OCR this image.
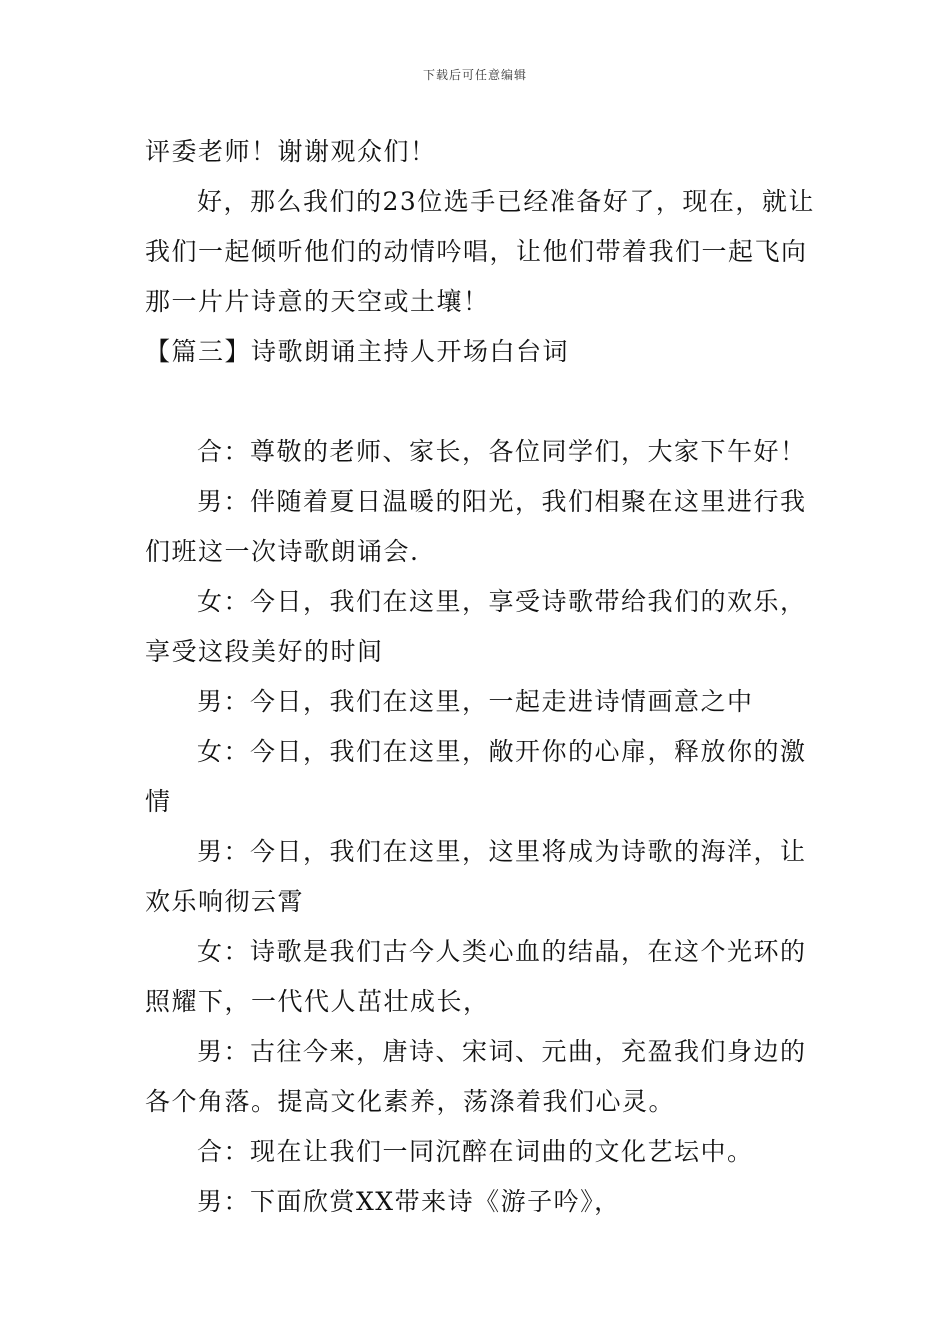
下载后可任意编辑
评委老师！谢谢观众们！
好，那么我们的23位选手已经准备好了，现在，就让
我们一起倾听他们的动情吟唱，让他们带着我们一起飞向
那一片片诗意的天空或土壤！
【篇三】诗歌朗诵主持人开场白台词
合：尊敬的老师、家长，各位同学们，大家下午好！
男：伴随着夏日温暖的阳光，我们相聚在这里进行我
们班这一次诗歌朗诵会.
女：今日，我们在这里，享受诗歌带给我们的欢乐，
享受这段美好的时间
男：今日，我们在这里，一起走进诗情画意之中
女：今日，我们在这里，敞开你的心扉，释放你的激
情
男：今日，我们在这里，这里将成为诗歌的海洋，让
欢乐响彻云霄
女：诗歌是我们古今人类心血的结晶，在这个光环的
照耀下，一代代人茁壮成长，
男：古往今来，唐诗、宋词、元曲，充盈我们身边的
各个角落。提高文化素养，荡涤着我们心灵。
合：现在让我们一同沉醉在词曲的文化艺坛中。
男：下面欣赏XX带来诗《游子吟》，
